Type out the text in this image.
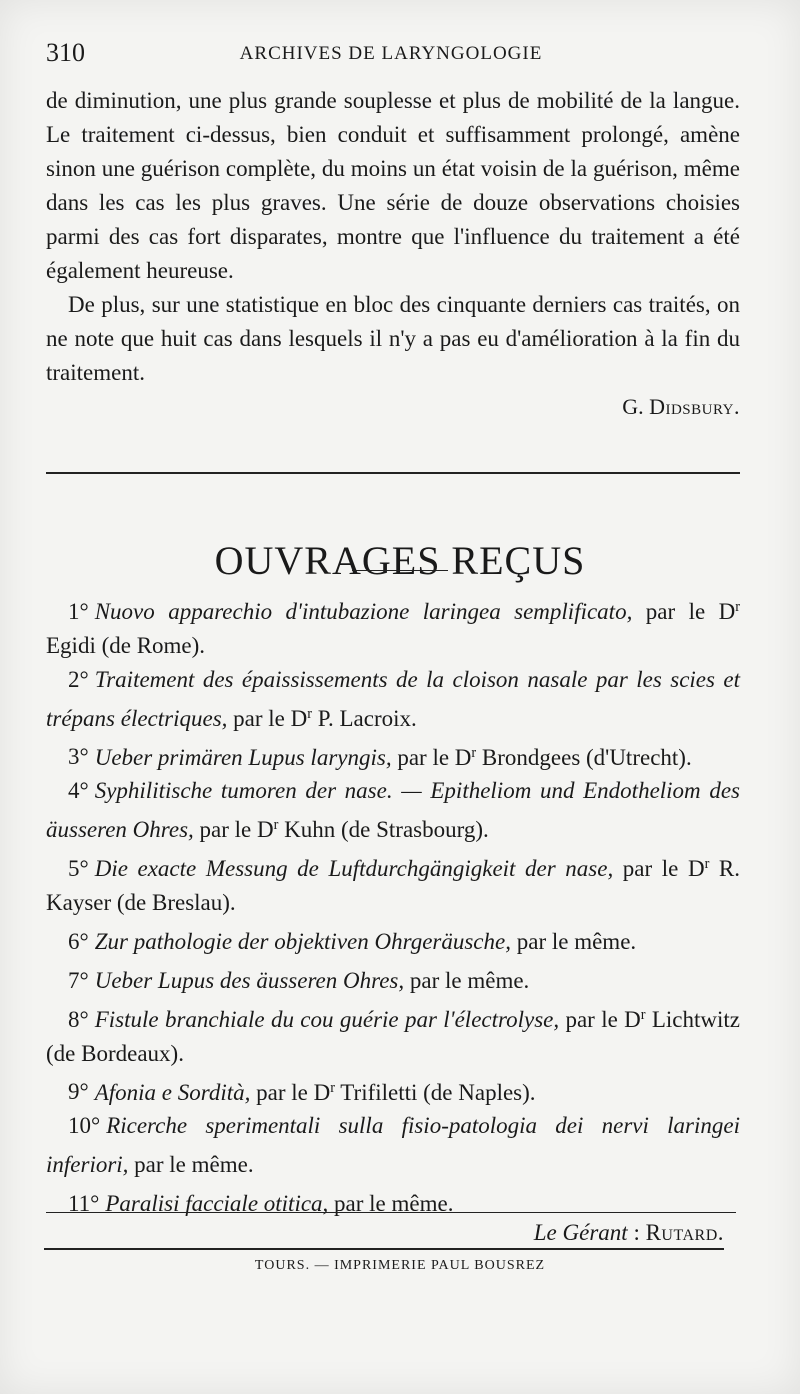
310	ARCHIVES DE LARYNGOLOGIE

de diminution, une plus grande souplesse et plus de mobilité de la langue. Le traitement ci-dessus, bien conduit et suffisamment prolongé, amène sinon une guérison complète, du moins un état voisin de la guérison, même dans les cas les plus graves. Une série de douze observations choisies parmi des cas fort disparates, montre que l'influence du traitement a été également heureuse.

De plus, sur une statistique en bloc des cinquante derniers cas traités, on ne note que huit cas dans lesquels il n'y a pas eu d'amélioration à la fin du traitement.

G. Didsbury.

OUVRAGES REÇUS

1° Nuovo apparechio d'intubazione laringea semplificato, par le $D^r$ Egidi (de Rome).

2° Traitement des épaississements de la cloison nasale par les scies et trépans électriques, par le $D^r$ P. Lacroix.

3° Ueber primären Lupus laryngis, par le $D^r$ Brondgees (d'Utrecht).

4° Syphilitische tumoren der nase. — Epitheliom und Endotheliom des äusseren Ohres, par le $D^r$ Kuhn (de Strasbourg).

5° Die exacte Messung de Luftdurchgängigkeit der nase, par le $D^r$ R. Kayser (de Breslau).

6° Zur pathologie der objektiven Ohrgeräusche, par le même.

7° Ueber Lupus des äusseren Ohres, par le même.

8° Fistule branchiale du cou guérie par l'électrolyse, par le $D^r$ Lichtwitz (de Bordeaux).

9° Afonia e Sordità, par le $D^r$ Trifiletti (de Naples).

10° Ricerche sperimentali sulla fisio-patologia dei nervi laringei inferiori, par le même.

11° Paralisi facciale otitica, par le même.

Le Gérant : Rutard.
TOURS. — IMPRIMERIE PAUL BOUSREZ
